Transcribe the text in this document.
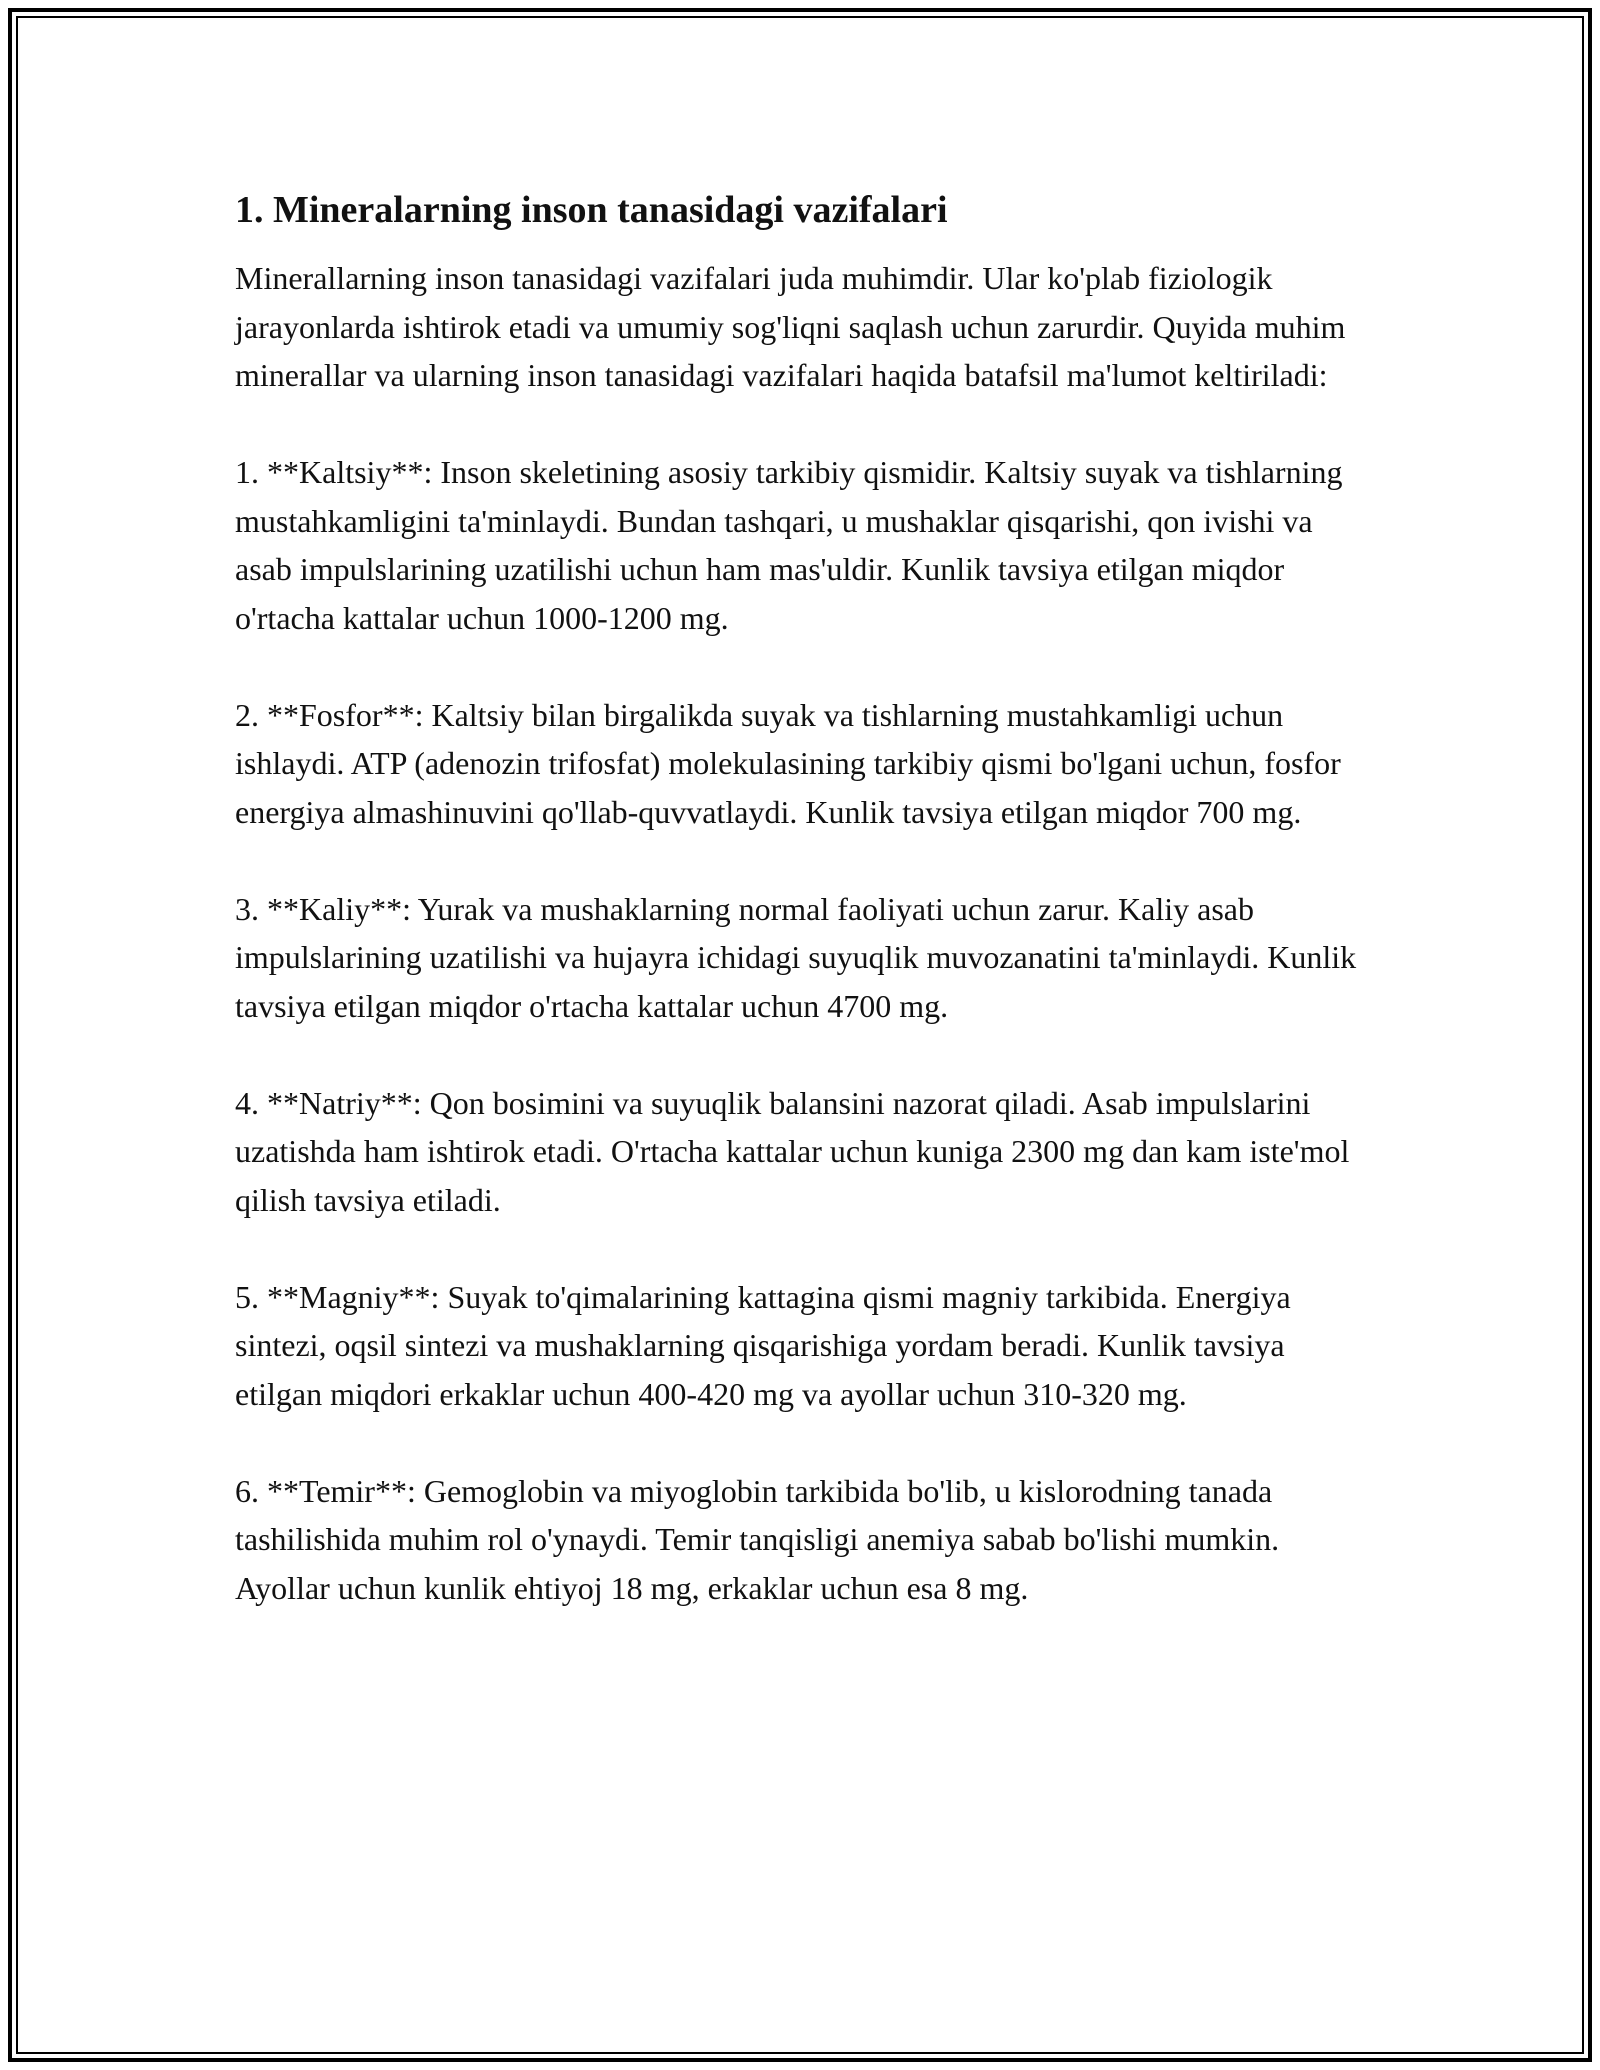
1. Mineralarning inson tanasidagi vazifalari

Minerallarning inson tanasidagi vazifalari juda muhimdir. Ular ko'plab fiziologik jarayonlarda ishtirok etadi va umumiy sog'liqni saqlash uchun zarurdir. Quyida muhim minerallar va ularning inson tanasidagi vazifalari haqida batafsil ma'lumot keltiriladi:

1. **Kaltsiy**: Inson skeletining asosiy tarkibiy qismidir. Kaltsiy suyak va tishlarning mustahkamligini ta'minlaydi. Bundan tashqari, u mushaklar qisqarishi, qon ivishi va asab impulslarining uzatilishi uchun ham mas'uldir. Kunlik tavsiya etilgan miqdor o'rtacha kattalar uchun 1000-1200 mg.

2. **Fosfor**: Kaltsiy bilan birgalikda suyak va tishlarning mustahkamligi uchun ishlaydi. ATP (adenozin trifosfat) molekulasining tarkibiy qismi bo'lgani uchun, fosfor energiya almashinuvini qo'llab-quvvatlaydi. Kunlik tavsiya etilgan miqdor 700 mg.

3. **Kaliy**: Yurak va mushaklarning normal faoliyati uchun zarur. Kaliy asab impulslarining uzatilishi va hujayra ichidagi suyuqlik muvozanatini ta'minlaydi. Kunlik tavsiya etilgan miqdor o'rtacha kattalar uchun 4700 mg.

4. **Natriy**: Qon bosimini va suyuqlik balansini nazorat qiladi. Asab impulslarini uzatishda ham ishtirok etadi. O'rtacha kattalar uchun kuniga 2300 mg dan kam iste'mol qilish tavsiya etiladi.

5. **Magniy**: Suyak to'qimalarining kattagina qismi magniy tarkibida. Energiya sintezi, oqsil sintezi va mushaklarning qisqarishiga yordam beradi. Kunlik tavsiya etilgan miqdori erkaklar uchun 400-420 mg va ayollar uchun 310-320 mg.

6. **Temir**: Gemoglobin va miyoglobin tarkibida bo'lib, u kislorodning tanada tashilishida muhim rol o'ynaydi. Temir tanqisligi anemiya sabab bo'lishi mumkin. Ayollar uchun kunlik ehtiyoj 18 mg, erkaklar uchun esa 8 mg.
